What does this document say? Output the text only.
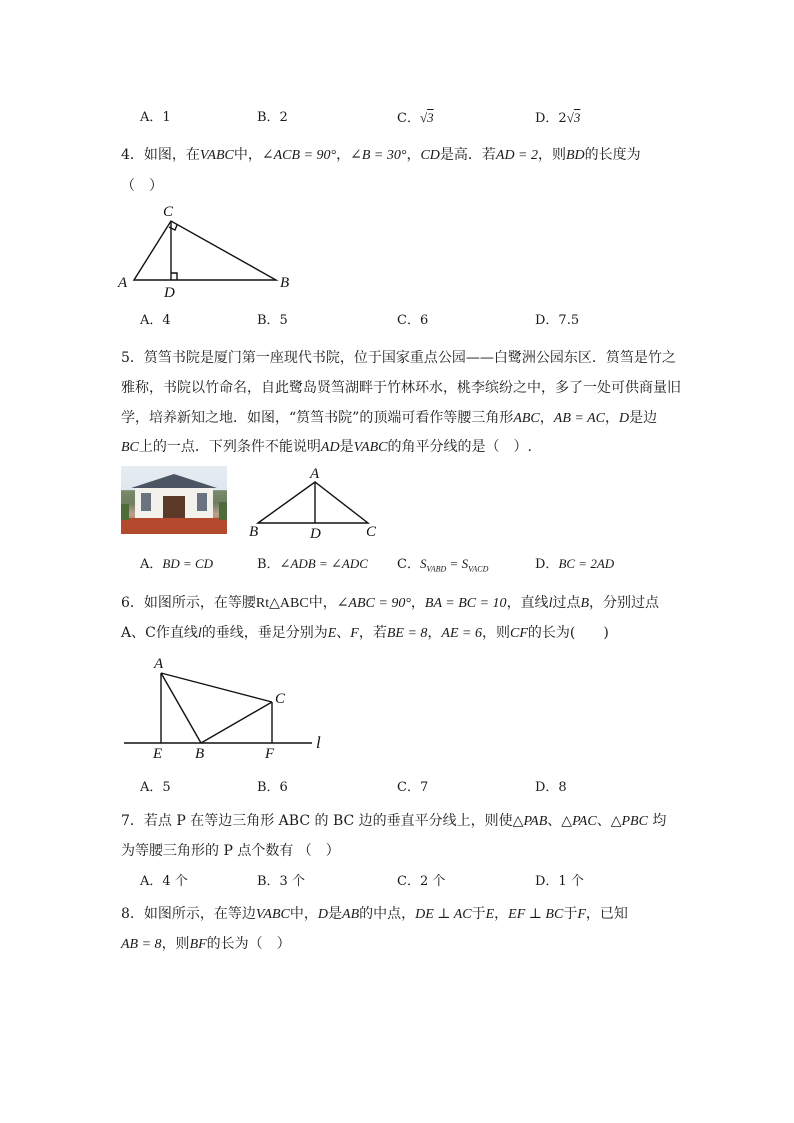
A．1	B．2	C．√3	D．2√3
4．如图，在VABC中，∠ACB = 90°，∠B = 30°，CD是高．若AD = 2，则BD的长度为
（　）
C
A
D
B
A．4	B．5	C．6	D．7.5
5．筼筜书院是厦门第一座现代书院，位于国家重点公园——白鹭洲公园东区．筼筜是竹之
雅称，书院以竹命名，自此鹭岛贤筜湖畔于竹林环水，桃李缤纷之中，多了一处可供商量旧
学，培养新知之地．如图，“筼筜书院”的顶端可看作等腰三角形ABC，AB = AC，D是边
BC上的一点．下列条件不能说明AD是VABC的角平分线的是（　）.
A
B	D	C
A．BD = CD	B．∠ADB = ∠ADC C．$S_{VABD} = S_{VACD}$	D．BC = 2AD
6．如图所示，在等腰Rt△ABC中，∠ABC = 90°，BA = BC = 10，直线l过点B，分别过点
A、C作直线l的垂线，垂足分别为E、F，若BE = 8，AE = 6，则CF的长为(　　)
A
C
E B	F
l
A．5	B．6	C．7	D．8
7．若点 P 在等边三角形 ABC 的 BC 边的垂直平分线上，则使△PAB、△PAC、△PBC 均
为等腰三角形的 P 点个数有 （　）
A．4 个	B．3 个	C．2 个	D．1 个
8．如图所示，在等边VABC中，D是AB的中点，DE ⊥ AC于E，EF ⊥ BC于F，已知
AB = 8，则BF的长为（　）
